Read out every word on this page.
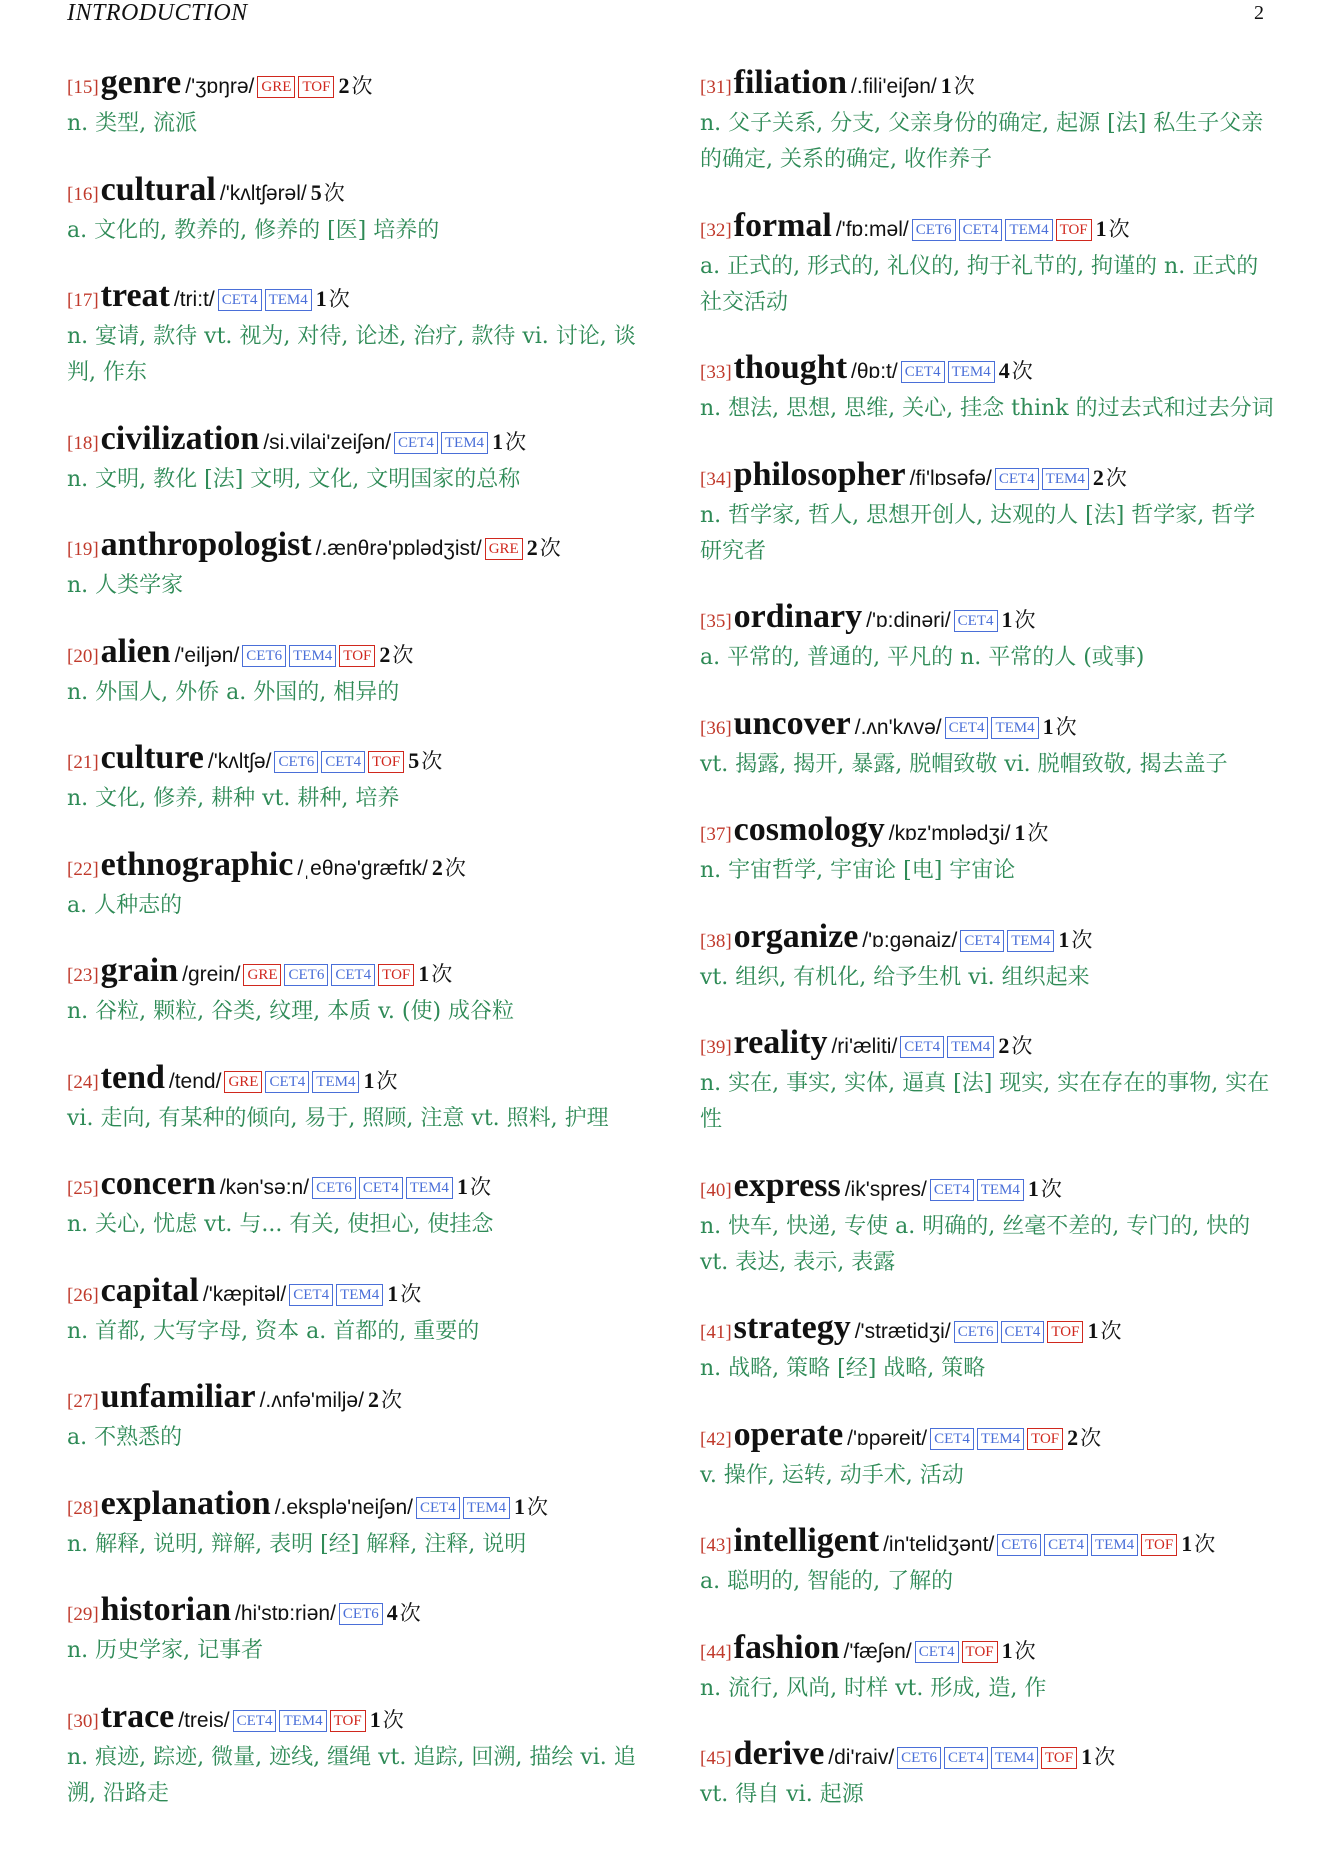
INTRODUCTION	2
[15]genre /'ʒɒŋrə/ GRE TOF 2次
n. 类型, 流派
[16]cultural /'kʌltʃərəl/ 5次
a. 文化的, 教养的, 修养的 [医] 培养的
[17]treat /tri:t/ CET4 TEM4 1次
n. 宴请, 款待 vt. 视为, 对待, 论述, 治疗, 款待 vi. 讨论, 谈判, 作东
[18]civilization /si.vilai'zeiʃən/ CET4 TEM4 1次
n. 文明, 教化 [法] 文明, 文化, 文明国家的总称
[19]anthropologist /.ænθrə'pɒlədʒist/ GRE 2次
n. 人类学家
[20]alien /'eiljən/ CET6 TEM4 TOF 2次
n. 外国人, 外侨 a. 外国的, 相异的
[21]culture /'kʌltʃə/ CET6 CET4 TOF 5次
n. 文化, 修养, 耕种 vt. 耕种, 培养
[22]ethnographic /ˌeθnə'græfɪk/ 2次
a. 人种志的
[23]grain /grein/ GRE CET6 CET4 TOF 1次
n. 谷粒, 颗粒, 谷类, 纹理, 本质 v. (使) 成谷粒
[24]tend /tend/ GRE CET4 TEM4 1次
vi. 走向, 有某种的倾向, 易于, 照顾, 注意 vt. 照料, 护理
[25]concern /kən'sə:n/ CET6 CET4 TEM4 1次
n. 关心, 忧虑 vt. 与... 有关, 使担心, 使挂念
[26]capital /'kæpitəl/ CET4 TEM4 1次
n. 首都, 大写字母, 资本 a. 首都的, 重要的
[27]unfamiliar /.ʌnfə'miljə/ 2次
a. 不熟悉的
[28]explanation /.eksplə'neiʃən/ CET4 TEM4 1次
n. 解释, 说明, 辩解, 表明 [经] 解释, 注释, 说明
[29]historian /hi'stɒ:riən/ CET6 4次
n. 历史学家, 记事者
[30]trace /treis/ CET4 TEM4 TOF 1次
n. 痕迹, 踪迹, 微量, 迹线, 缰绳 vt. 追踪, 回溯, 描绘 vi. 追溯, 沿路走
[31]filiation /.fili'eiʃən/ 1次
n. 父子关系, 分支, 父亲身份的确定, 起源 [法] 私生子父亲的确定, 关系的确定, 收作养子
[32]formal /'fɒ:məl/ CET6 CET4 TEM4 TOF 1次
a. 正式的, 形式的, 礼仪的, 拘于礼节的, 拘谨的 n. 正式的社交活动
[33]thought /θɒ:t/ CET4 TEM4 4次
n. 想法, 思想, 思维, 关心, 挂念 think 的过去式和过去分词
[34]philosopher /fi'lɒsəfə/ CET4 TEM4 2次
n. 哲学家, 哲人, 思想开创人, 达观的人 [法] 哲学家, 哲学研究者
[35]ordinary /'ɒ:dinəri/ CET4 1次
a. 平常的, 普通的, 平凡的 n. 平常的人 (或事)
[36]uncover /.ʌn'kʌvə/ CET4 TEM4 1次
vt. 揭露, 揭开, 暴露, 脱帽致敬 vi. 脱帽致敬, 揭去盖子
[37]cosmology /kɒz'mɒlədʒi/ 1次
n. 宇宙哲学, 宇宙论 [电] 宇宙论
[38]organize /'ɒ:gənaiz/ CET4 TEM4 1次
vt. 组织, 有机化, 给予生机 vi. 组织起来
[39]reality /ri'æliti/ CET4 TEM4 2次
n. 实在, 事实, 实体, 逼真 [法] 现实, 实在存在的事物, 实在性
[40]express /ik'spres/ CET4 TEM4 1次
n. 快车, 快递, 专使 a. 明确的, 丝毫不差的, 专门的, 快的 vt. 表达, 表示, 表露
[41]strategy /'strætidʒi/ CET6 CET4 TOF 1次
n. 战略, 策略 [经] 战略, 策略
[42]operate /'ɒpəreit/ CET4 TEM4 TOF 2次
v. 操作, 运转, 动手术, 活动
[43]intelligent /in'telidʒənt/ CET6 CET4 TEM4 TOF 1次
a. 聪明的, 智能的, 了解的
[44]fashion /'fæʃən/ CET4 TOF 1次
n. 流行, 风尚, 时样 vt. 形成, 造, 作
[45]derive /di'raiv/ CET6 CET4 TEM4 TOF 1次
vt. 得自 vi. 起源
